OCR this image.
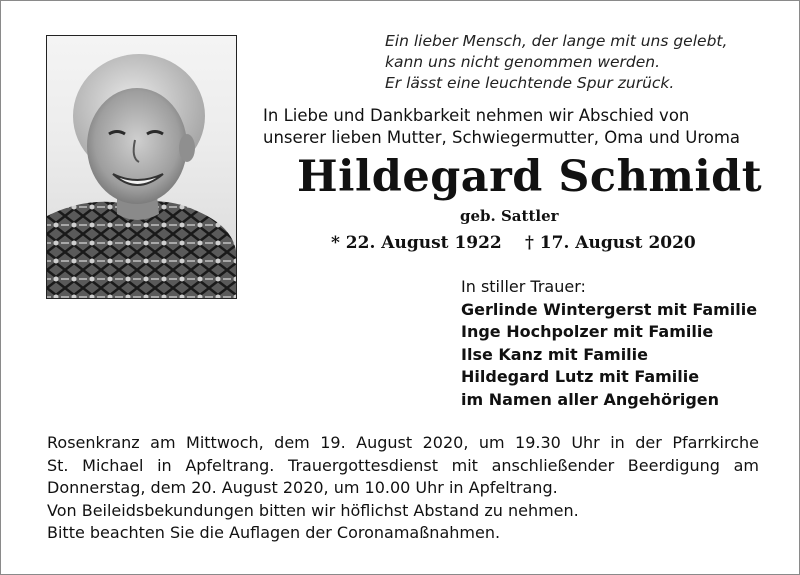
Ein lieber Mensch, der lange mit uns gelebt,
kann uns nicht genommen werden.
Er lässt eine leuchtende Spur zurück.
In Liebe und Dankbarkeit nehmen wir Abschied von
unserer lieben Mutter, Schwiegermutter, Oma und Uroma
Hildegard Schmidt
geb. Sattler
* 22. August 1922 † 17. August 2020
In stiller Trauer:
Gerlinde Wintergerst mit Familie
Inge Hochpolzer mit Familie
Ilse Kanz mit Familie
Hildegard Lutz mit Familie
im Namen aller Angehörigen
Rosenkranz am Mittwoch, dem 19. August 2020, um 19.30 Uhr in der Pfarrkirche
St. Michael in Apfeltrang. Trauergottesdienst mit anschließender Beerdigung am
Donnerstag, dem 20. August 2020, um 10.00 Uhr in Apfeltrang.
Von Beileidsbekundungen bitten wir höflichst Abstand zu nehmen.
Bitte beachten Sie die Auflagen der Coronamaßnahmen.
